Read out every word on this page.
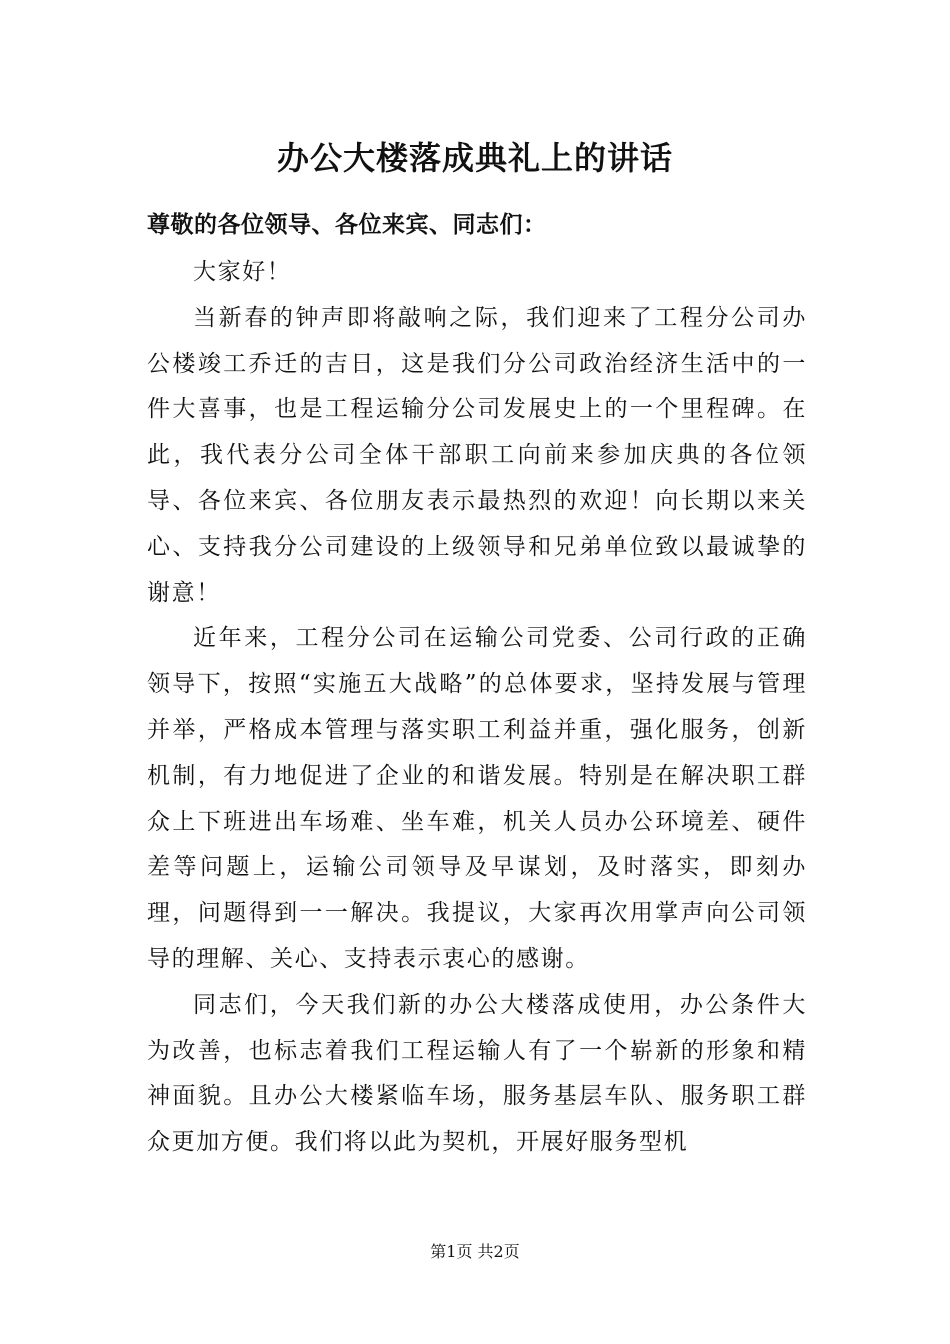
办公大楼落成典礼上的讲话
尊敬的各位领导、各位来宾、同志们：

大家好！

当新春的钟声即将敲响之际，我们迎来了工程分公司办公楼竣工乔迁的吉日，这是我们分公司政治经济生活中的一件大喜事，也是工程运输分公司发展史上的一个里程碑。在此，我代表分公司全体干部职工向前来参加庆典的各位领导、各位来宾、各位朋友表示最热烈的欢迎！向长期以来关心、支持我分公司建设的上级领导和兄弟单位致以最诚挚的谢意！

近年来，工程分公司在运输公司党委、公司行政的正确领导下，按照“实施五大战略”的总体要求，坚持发展与管理并举，严格成本管理与落实职工利益并重，强化服务，创新机制，有力地促进了企业的和谐发展。特别是在解决职工群众上下班进出车场难、坐车难，机关人员办公环境差、硬件差等问题上，运输公司领导及早谋划，及时落实，即刻办理，问题得到一一解决。我提议，大家再次用掌声向公司领导的理解、关心、支持表示衷心的感谢。

同志们，今天我们新的办公大楼落成使用，办公条件大为改善，也标志着我们工程运输人有了一个崭新的形象和精神面貌。且办公大楼紧临车场，服务基层车队、服务职工群众更加方便。我们将以此为契机，开展好服务型机

第1页 共2页
